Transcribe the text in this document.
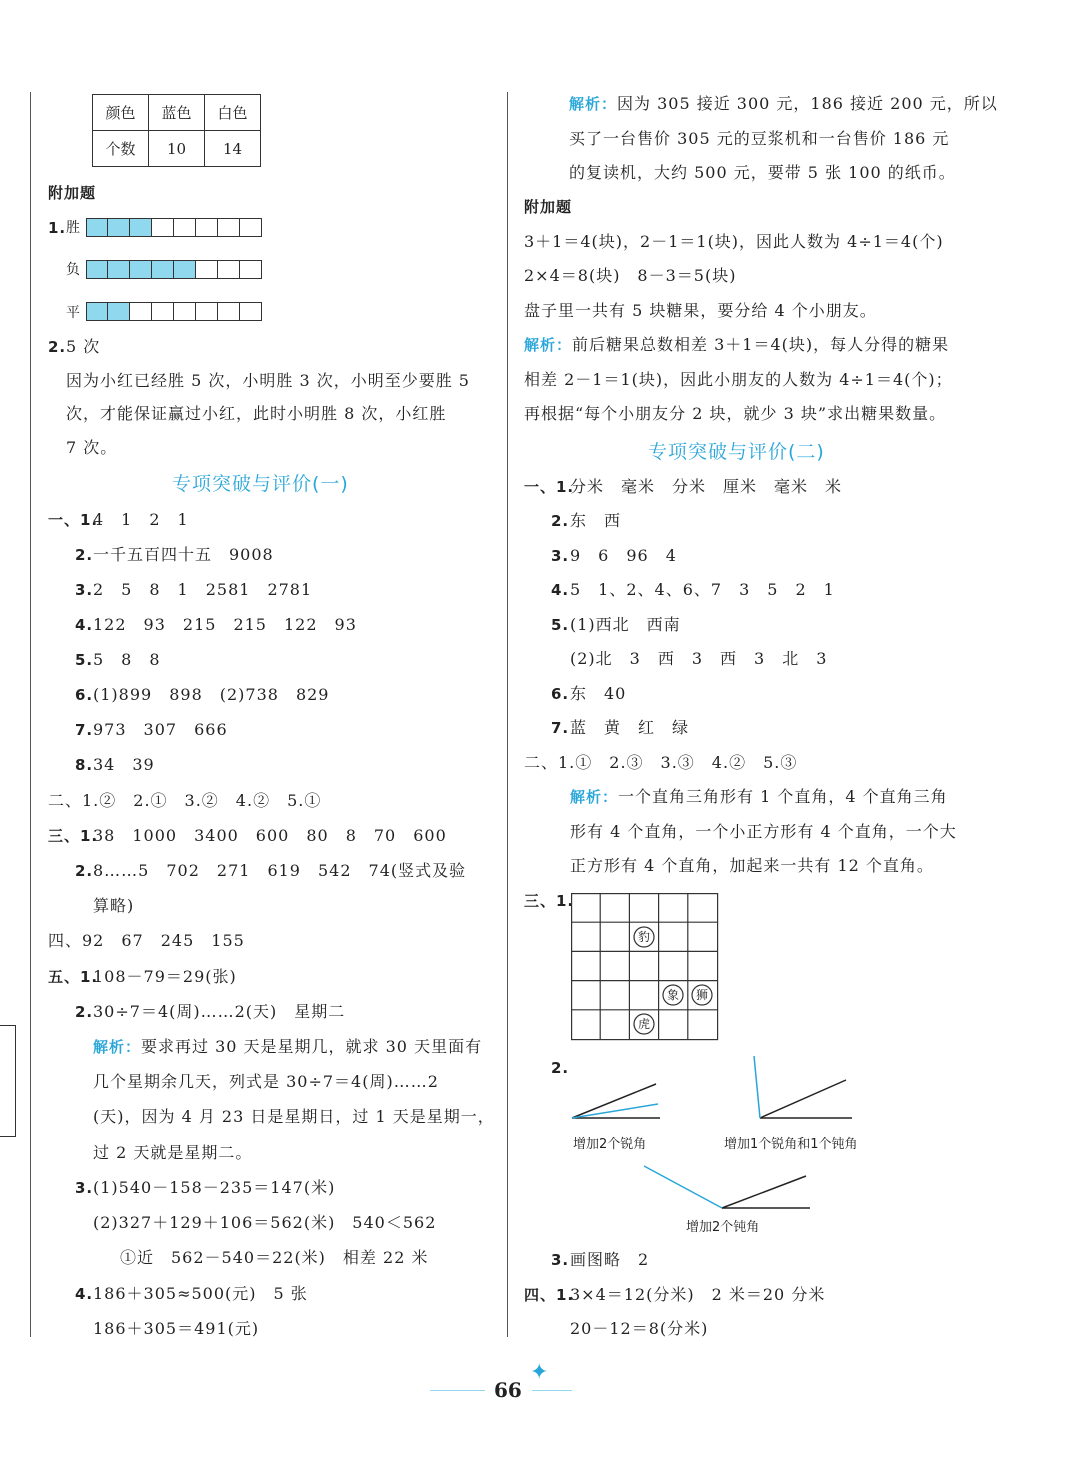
颜色	蓝色	白色
个数	10	14
附加题
1. 胜
负
平
2. 5 次
因为小红已经胜 5 次，小明胜 3 次，小明至少要胜 5
次，才能保证赢过小红，此时小明胜 8 次，小红胜
7 次。
专项突破与评价(一)
一、1.
4　1　2　1
2. 一千五百四十五　9008
3. 2　5　8　1　2581　2781
4. 122　93　215　215　122　93
5. 5　8　8
6. (1)899　898　(2)738　829
7. 973　307　666
8. 34　39
二、1.②　2.①　3.②　4.②　5.①
三、1.
38　1000　3400　600　80　8　70　600
2. 8……5　702　271　619　542　74(竖式及验
算略)
四、92　67　245　155
五、1.
108－79＝29(张)
2. 30÷7＝4(周)……2(天)　星期二
解析： 要求再过 30 天是星期几，就求 30 天里面有
几个星期余几天，列式是 30÷7＝4(周)……2
(天)，因为 4 月 23 日是星期日，过 1 天是星期一，
过 2 天就是星期二。
3. (1)540－158－235＝147(米)
(2)327＋129＋106＝562(米)　540＜562
①近　562－540＝22(米)　相差 22 米
4. 186＋305≈500(元)　5 张
186＋305＝491(元)
解析： 因为 305 接近 300 元，186 接近 200 元，所以
买了一台售价 305 元的豆浆机和一台售价 186 元
的复读机，大约 500 元，要带 5 张 100 的纸币。
附加题
3＋1＝4(块)，2－1＝1(块)，因此人数为 4÷1＝4(个)
2×4＝8(块)　8－3＝5(块)
盘子里一共有 5 块糖果，要分给 4 个小朋友。
解析： 前后糖果总数相差 3＋1＝4(块)，每人分得的糖果
相差 2－1＝1(块)，因此小朋友的人数为 4÷1＝4(个)；
再根据“每个小朋友分 2 块，就少 3 块”求出糖果数量。
专项突破与评价(二)
一、1.
分米　毫米　分米　厘米　毫米　米
2. 东　西
3. 9　6　96　4
4. 5　1、2、4、6、7　3　5　2　1
5. (1)西北　西南
(2)北　3　西　3　西　3　北　3
6. 东　40
7. 蓝　黄　红　绿
二、1.①　2.③　3.③　4.②　5.③
解析： 一个直角三角形有 1 个直角，4 个直角三角
形有 4 个直角，一个小正方形有 4 个直角，一个大
正方形有 4 个直角，加起来一共有 12 个直角。
三、1.
豹
象 狮
虎
2.
增加2个锐角	增加1个锐角和1个钝角
增加2个钝角
3. 画图略　2
四、1.
3×4＝12(分米)　2 米＝20 分米
20－12＝8(分米)
66
✦
